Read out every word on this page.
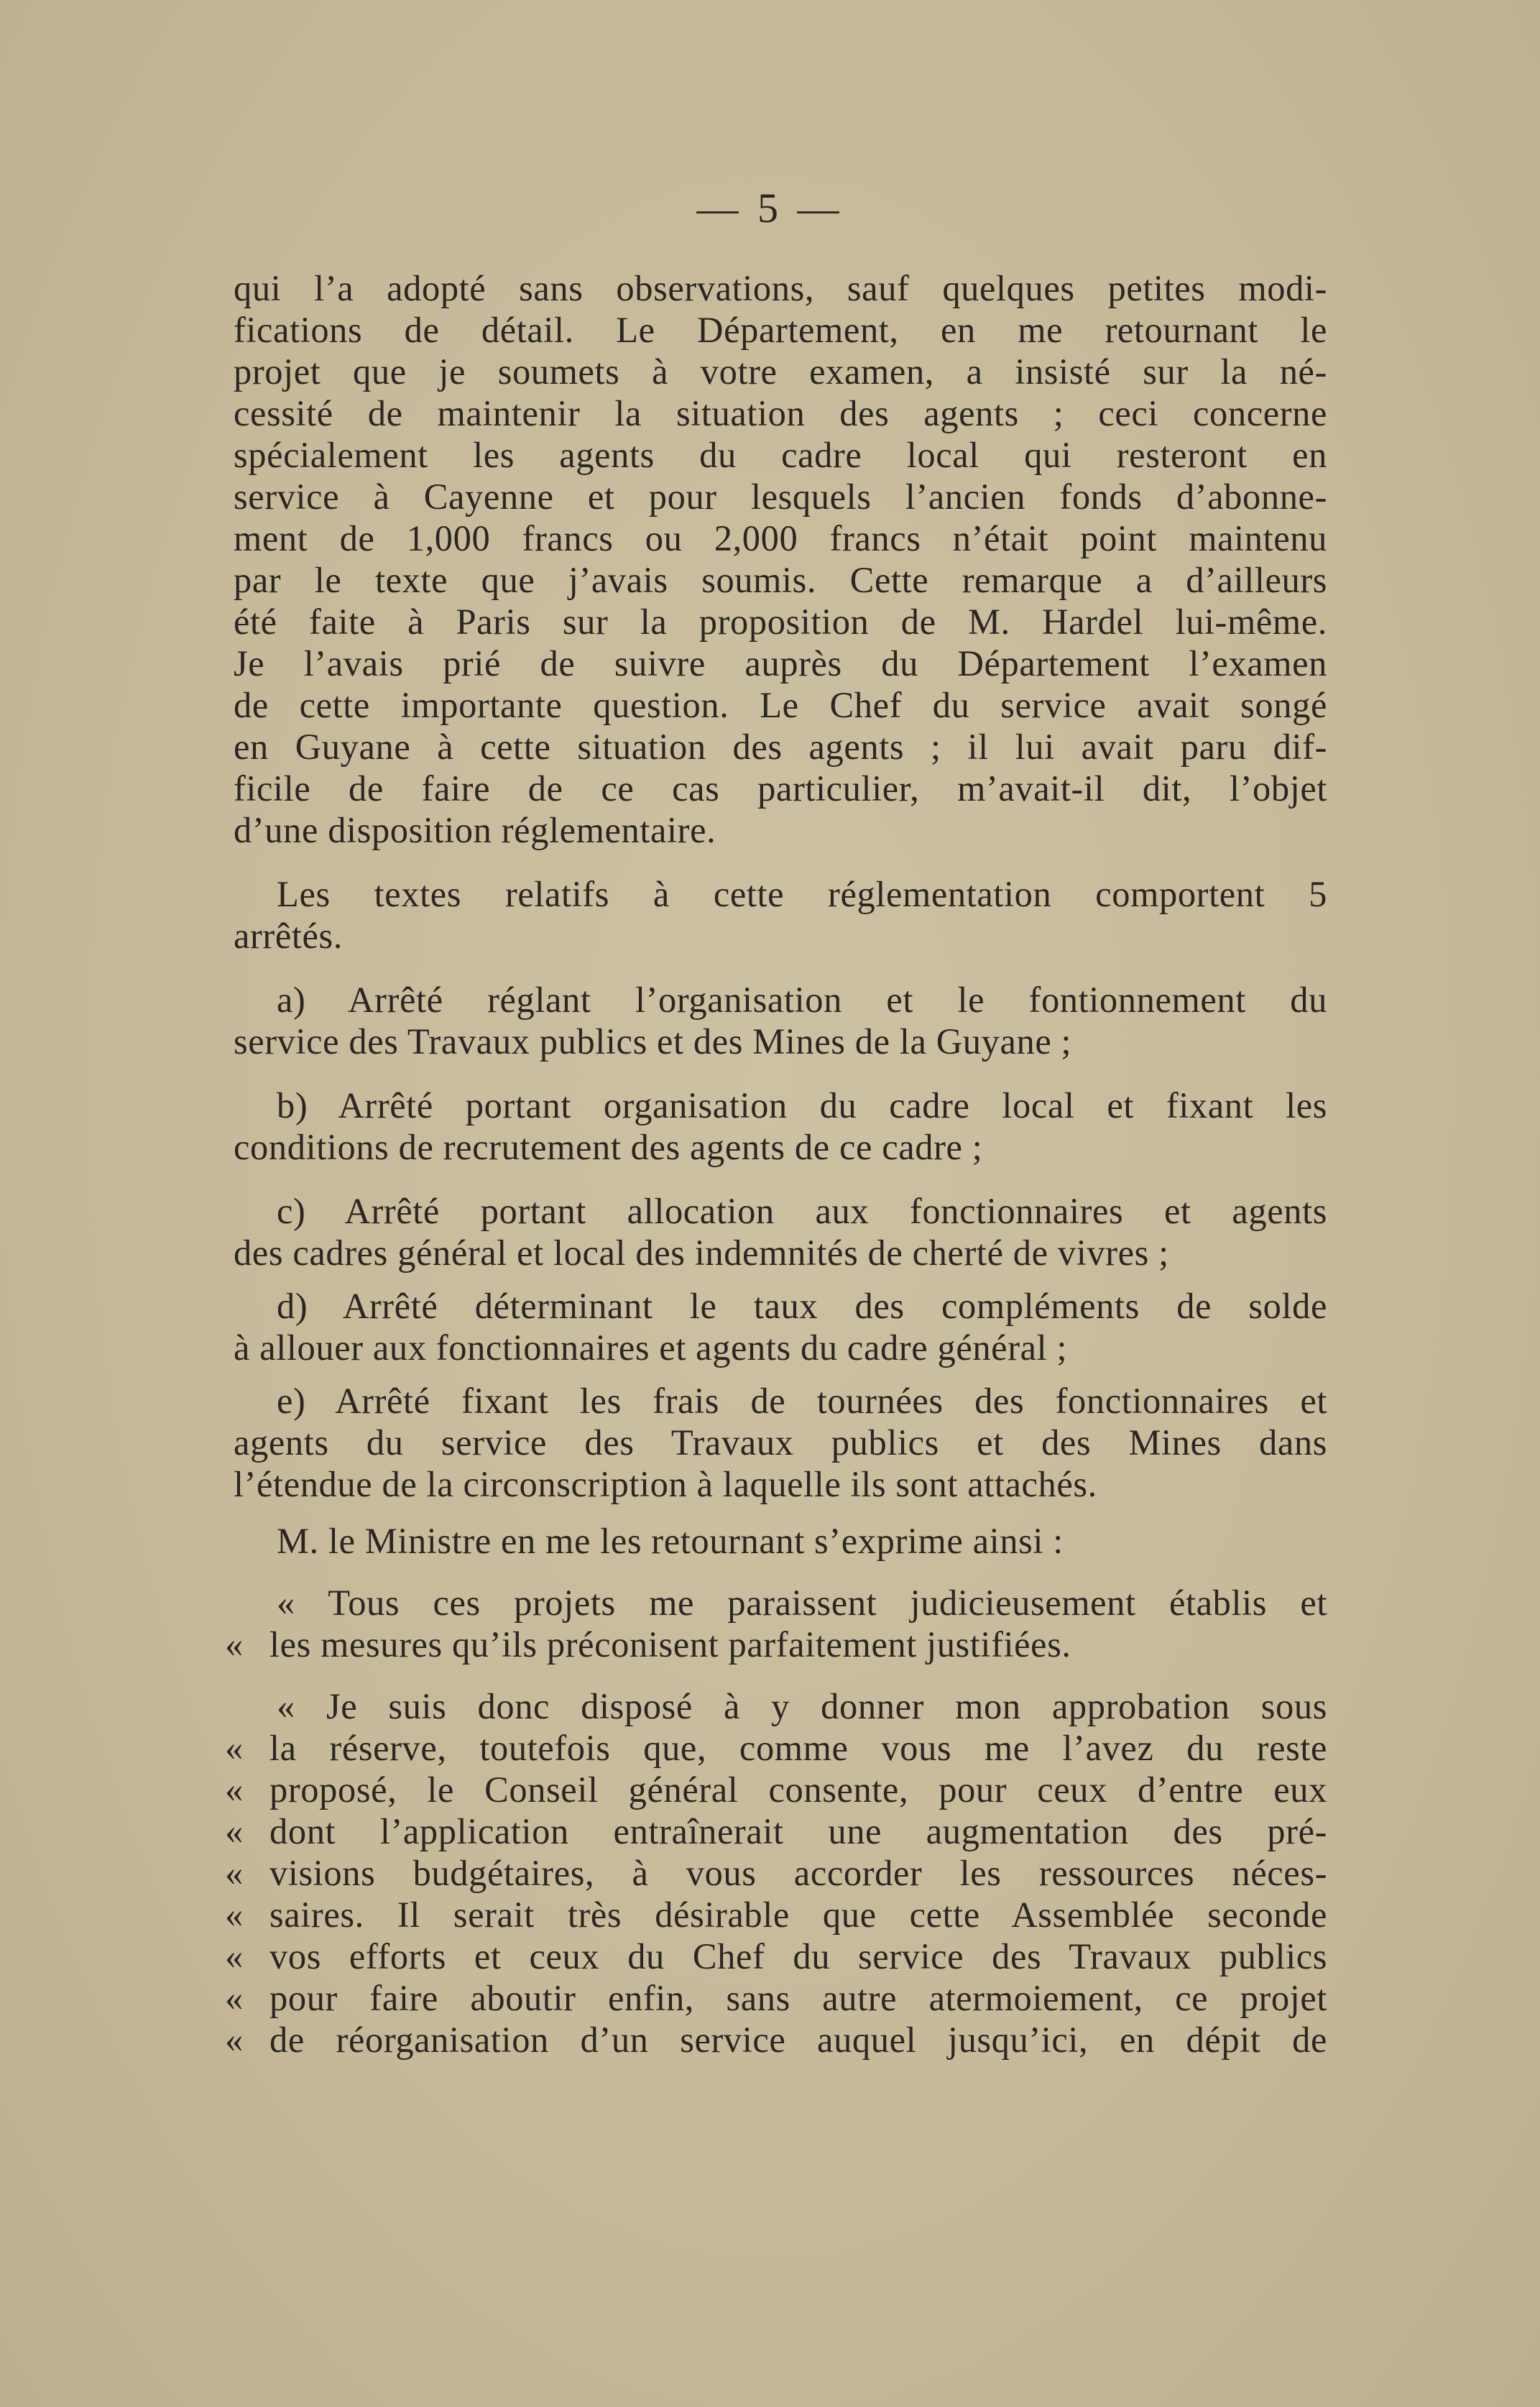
— 5 —
qui l’a adopté sans observations, sauf quelques petites modi-
fications de détail. Le Département, en me retournant le
projet que je soumets à votre examen, a insisté sur la né-
cessité de maintenir la situation des agents ; ceci concerne
spécialement les agents du cadre local qui resteront en
service à Cayenne et pour lesquels l’ancien fonds d’abonne-
ment de 1,000 francs ou 2,000 francs n’était point maintenu
par le texte que j’avais soumis. Cette remarque a d’ailleurs
été faite à Paris sur la proposition de M. Hardel lui-même.
Je l’avais prié de suivre auprès du Département l’examen
de cette importante question. Le Chef du service avait songé
en Guyane à cette situation des agents ; il lui avait paru dif-
ficile de faire de ce cas particulier, m’avait-il dit, l’objet
d’une disposition réglementaire.
Les textes relatifs à cette réglementation comportent 5
arrêtés.
a) Arrêté réglant l’organisation et le fontionnement du
service des Travaux publics et des Mines de la Guyane ;
b) Arrêté portant organisation du cadre local et fixant les
conditions de recrutement des agents de ce cadre ;
c) Arrêté portant allocation aux fonctionnaires et agents
des cadres général et local des indemnités de cherté de vivres ;
d) Arrêté déterminant le taux des compléments de solde
à allouer aux fonctionnaires et agents du cadre général ;
e) Arrêté fixant les frais de tournées des fonctionnaires et
agents du service des Travaux publics et des Mines dans
l’étendue de la circonscription à laquelle ils sont attachés.
M. le Ministre en me les retournant s’exprime ainsi :
« Tous ces projets me paraissent judicieusement établis et
« les mesures qu’ils préconisent parfaitement justifiées.
« Je suis donc disposé à y donner mon approbation sous
« la réserve, toutefois que, comme vous me l’avez du reste
« proposé, le Conseil général consente, pour ceux d’entre eux
« dont l’application entraînerait une augmentation des pré-
« visions budgétaires, à vous accorder les ressources néces-
« saires. Il serait très désirable que cette Assemblée seconde
« vos efforts et ceux du Chef du service des Travaux publics
« pour faire aboutir enfin, sans autre atermoiement, ce projet
« de réorganisation d’un service auquel jusqu’ici, en dépit de
